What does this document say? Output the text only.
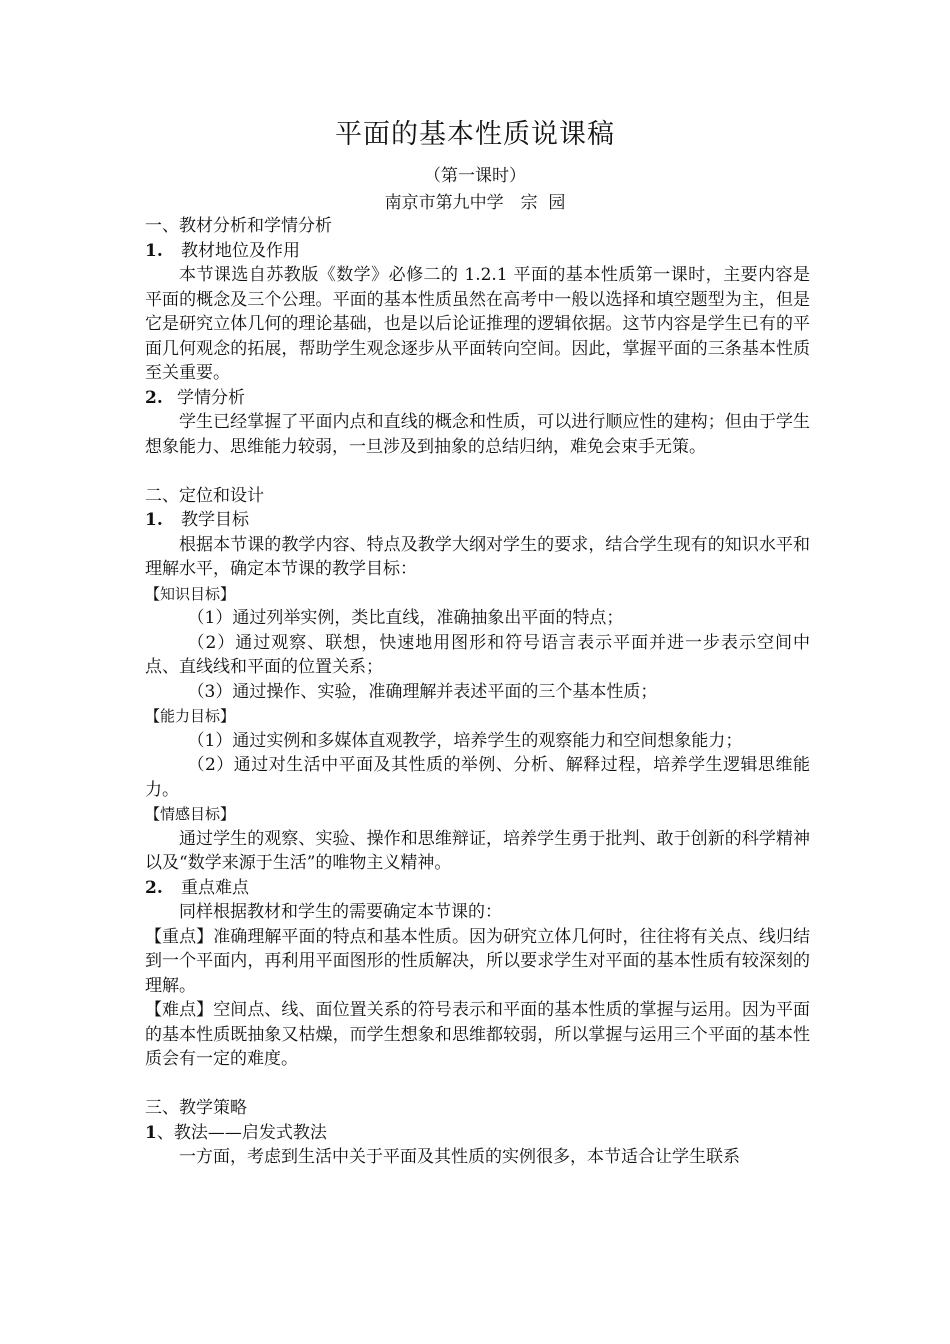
平面的基本性质说课稿
（第一课时）
南京市第九中学　宗  园
一、教材分析和学情分析
1. 教材地位及作用
本节课选自苏教版《数学》必修二的 1.2.1 平面的基本性质第一课时，主要内容是平面的概念及三个公理。平面的基本性质虽然在高考中一般以选择和填空题型为主，但是它是研究立体几何的理论基础，也是以后论证推理的逻辑依据。这节内容是学生已有的平面几何观念的拓展，帮助学生观念逐步从平面转向空间。因此，掌握平面的三条基本性质至关重要。
2. 学情分析
学生已经掌握了平面内点和直线的概念和性质，可以进行顺应性的建构；但由于学生想象能力、思维能力较弱，一旦涉及到抽象的总结归纳，难免会束手无策。
二、定位和设计
1. 教学目标
根据本节课的教学内容、特点及教学大纲对学生的要求，结合学生现有的知识水平和理解水平，确定本节课的教学目标：
【知识目标】
（1）通过列举实例，类比直线，准确抽象出平面的特点；
（2）通过观察、联想，快速地用图形和符号语言表示平面并进一步表示空间中点、直线线和平面的位置关系；
（3）通过操作、实验，准确理解并表述平面的三个基本性质；
【能力目标】
（1）通过实例和多媒体直观教学，培养学生的观察能力和空间想象能力；
（2）通过对生活中平面及其性质的举例、分析、解释过程，培养学生逻辑思维能力。
【情感目标】
通过学生的观察、实验、操作和思维辩证，培养学生勇于批判、敢于创新的科学精神以及“数学来源于生活”的唯物主义精神。
2. 重点难点
同样根据教材和学生的需要确定本节课的：
【重点】准确理解平面的特点和基本性质。因为研究立体几何时，往往将有关点、线归结到一个平面内，再利用平面图形的性质解决，所以要求学生对平面的基本性质有较深刻的理解。
【难点】空间点、线、面位置关系的符号表示和平面的基本性质的掌握与运用。因为平面的基本性质既抽象又枯燥，而学生想象和思维都较弱，所以掌握与运用三个平面的基本性质会有一定的难度。
三、教学策略
1、教法——启发式教法
一方面，考虑到生活中关于平面及其性质的实例很多，本节适合让学生联系
